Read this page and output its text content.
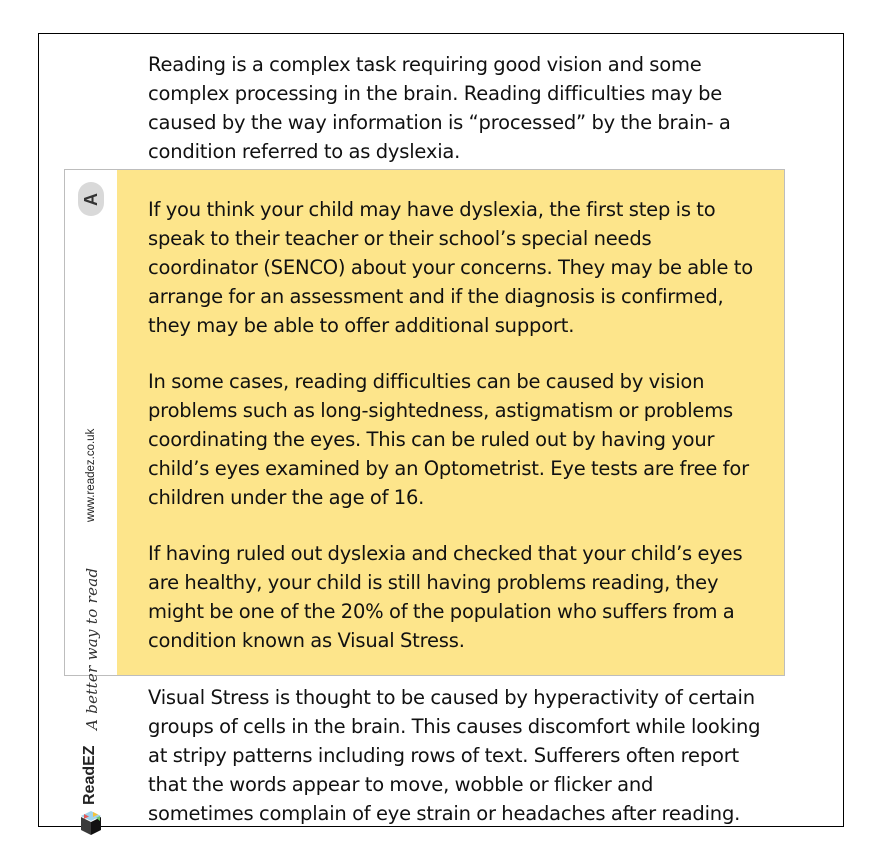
Reading is a complex task requiring good vision and some
complex processing in the brain. Reading difficulties may be
caused by the way information is “processed” by the brain- a
condition referred to as dyslexia.

A
www.readez.co.uk
A better way to read
ReadEZ

If you think your child may have dyslexia, the first step is to
speak to their teacher or their school’s special needs
coordinator (SENCO) about your concerns. They may be able to
arrange for an assessment and if the diagnosis is confirmed,
they may be able to offer additional support.

In some cases, reading difficulties can be caused by vision
problems such as long-sightedness, astigmatism or problems
coordinating the eyes. This can be ruled out by having your
child’s eyes examined by an Optometrist. Eye tests are free for
children under the age of 16.

If having ruled out dyslexia and checked that your child’s eyes
are healthy, your child is still having problems reading, they
might be one of the 20% of the population who suffers from a
condition known as Visual Stress.

Visual Stress is thought to be caused by hyperactivity of certain
groups of cells in the brain. This causes discomfort while looking
at stripy patterns including rows of text. Sufferers often report
that the words appear to move, wobble or flicker and
sometimes complain of eye strain or headaches after reading.
